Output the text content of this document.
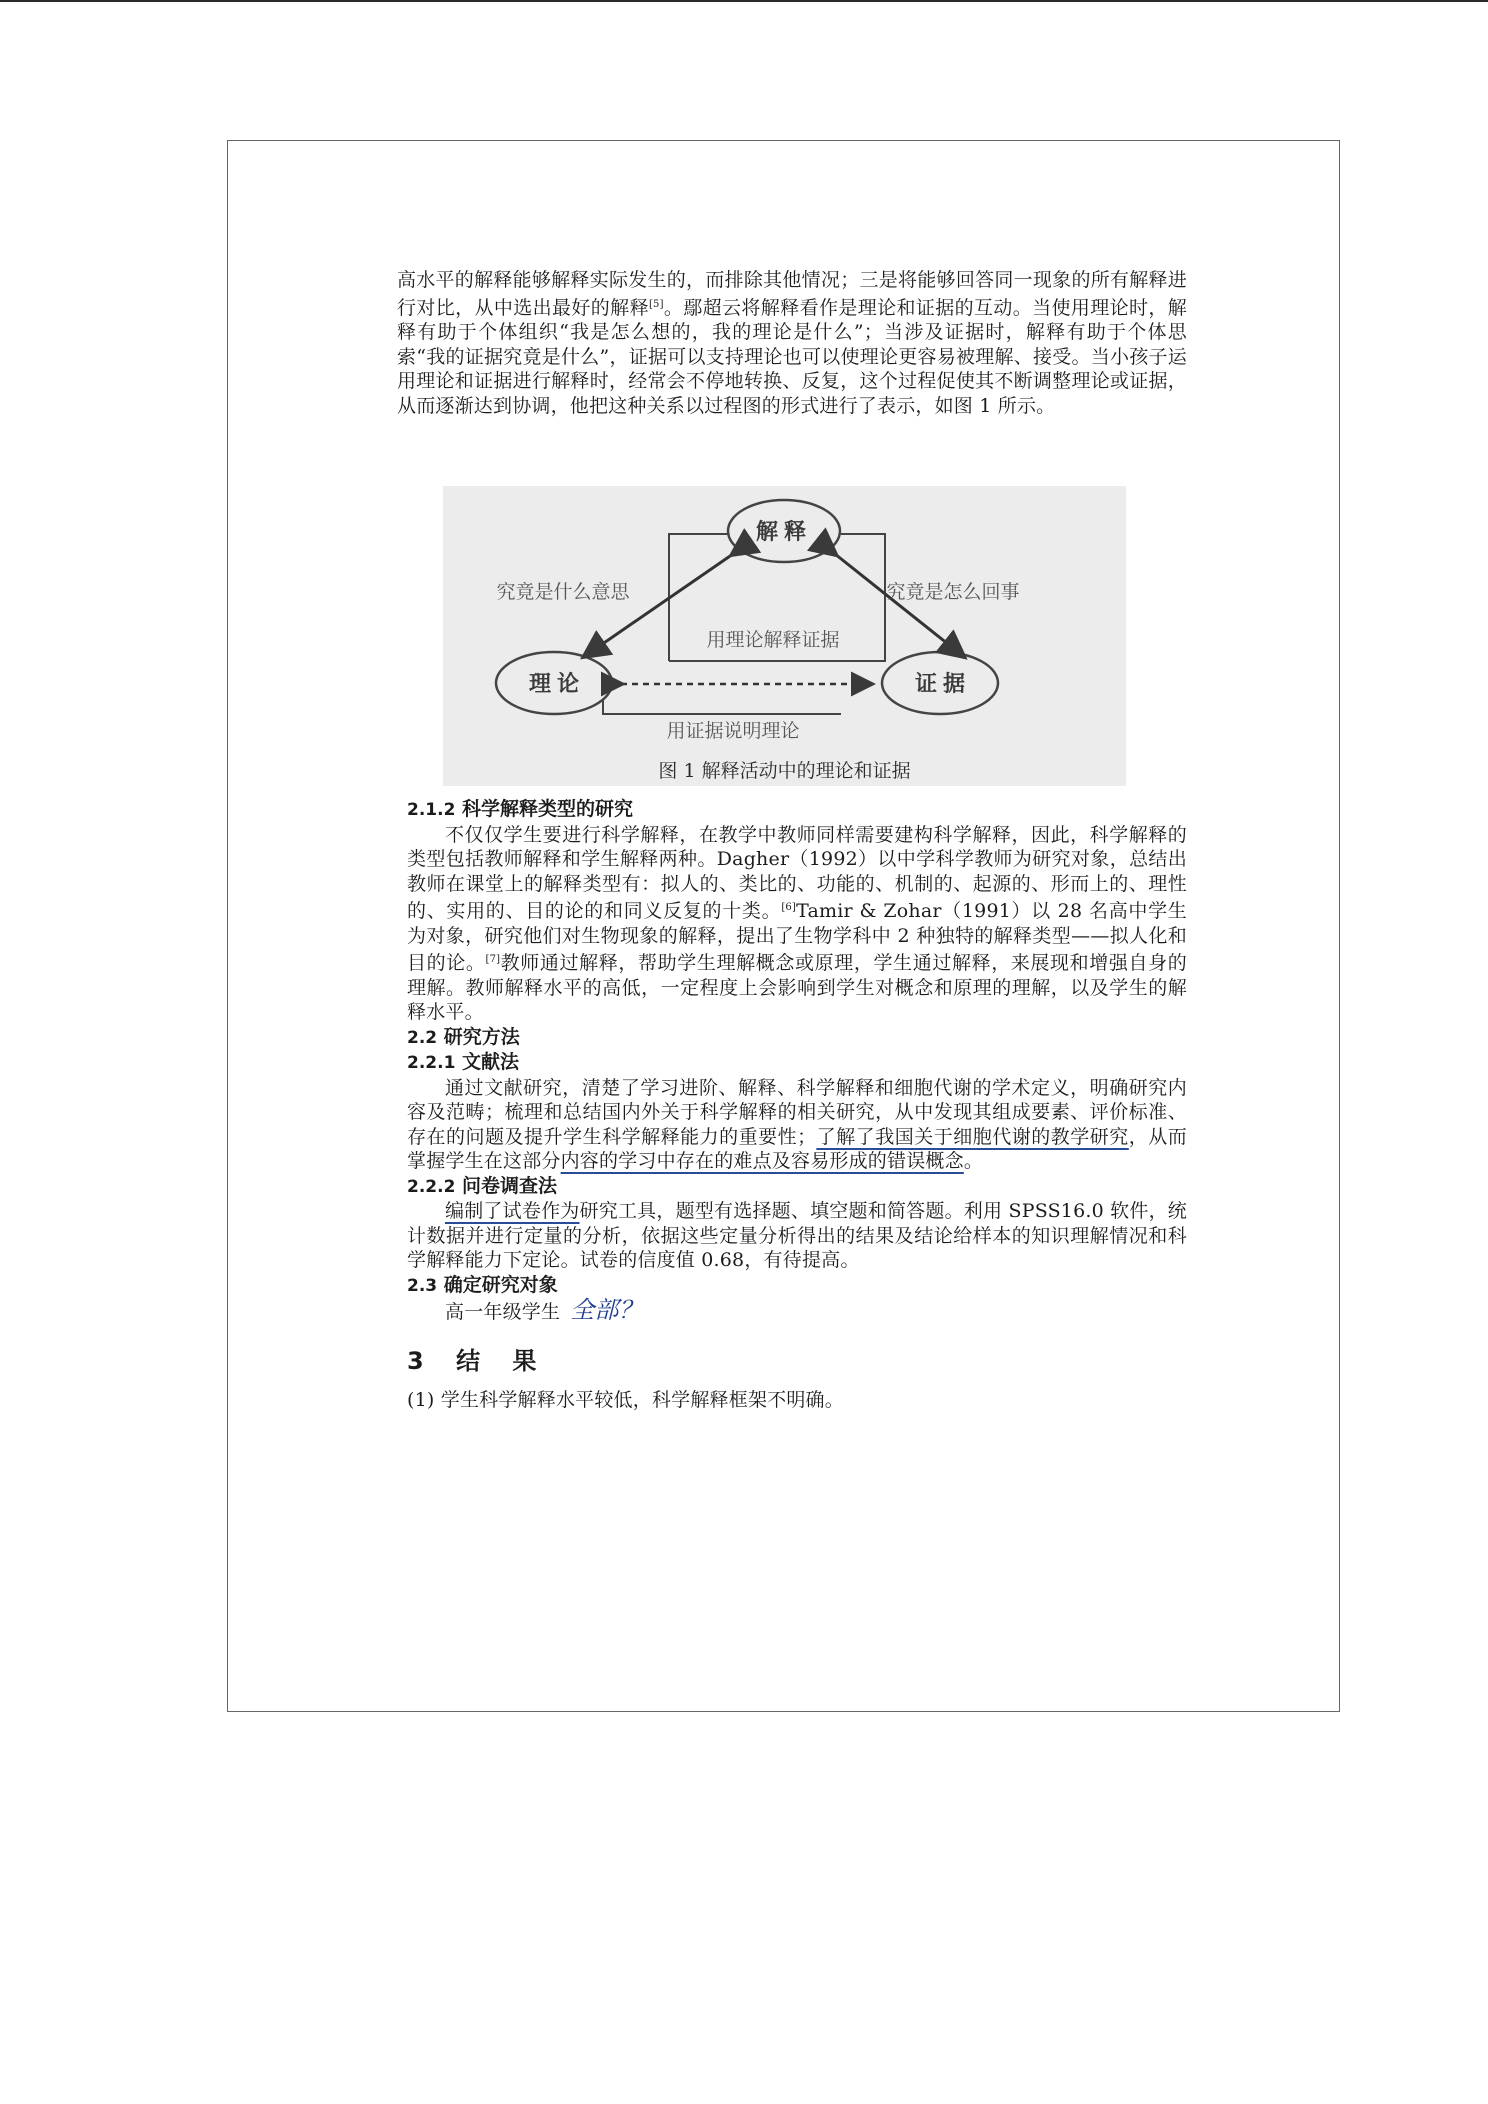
高水平的解释能够解释实际发生的，而排除其他情况；三是将能够回答同一现象的所有解释进行对比，从中选出最好的解释[5]。鄢超云将解释看作是理论和证据的互动。当使用理论时，解释有助于个体组织“我是怎么想的，我的理论是什么”；当涉及证据时，解释有助于个体思索“我的证据究竟是什么”，证据可以支持理论也可以使理论更容易被理解、接受。当小孩子运用理论和证据进行解释时，经常会不停地转换、反复，这个过程促使其不断调整理论或证据，从而逐渐达到协调，他把这种关系以过程图的形式进行了表示，如图 1 所示。

解释
理论	证据
究竟是什么意思	究竟是怎么回事
用理论解释证据
用证据说明理论
图 1 解释活动中的理论和证据

2.1.2 科学解释类型的研究

不仅仅学生要进行科学解释，在教学中教师同样需要建构科学解释，因此，科学解释的类型包括教师解释和学生解释两种。Dagher（1992）以中学科学教师为研究对象，总结出教师在课堂上的解释类型有：拟人的、类比的、功能的、机制的、起源的、形而上的、理性的、实用的、目的论的和同义反复的十类。[6]Tamir & Zohar（1991）以 28 名高中学生为对象，研究他们对生物现象的解释，提出了生物学科中 2 种独特的解释类型——拟人化和目的论。[7]教师通过解释，帮助学生理解概念或原理，学生通过解释，来展现和增强自身的理解。教师解释水平的高低，一定程度上会影响到学生对概念和原理的理解，以及学生的解释水平。

2.2 研究方法

2.2.1 文献法

通过文献研究，清楚了学习进阶、解释、科学解释和细胞代谢的学术定义，明确研究内容及范畴；梳理和总结国内外关于科学解释的相关研究，从中发现其组成要素、评价标准、存在的问题及提升学生科学解释能力的重要性；了解了我国关于细胞代谢的教学研究，从而掌握学生在这部分内容的学习中存在的难点及容易形成的错误概念。

2.2.2 问卷调查法

编制了试卷作为研究工具，题型有选择题、填空题和简答题。利用 SPSS16.0 软件，统计数据并进行定量的分析，依据这些定量分析得出的结果及结论给样本的知识理解情况和科学解释能力下定论。试卷的信度值 0.68，有待提高。

2.3 确定研究对象

高一年级学生 全部？

3 结 果

(1) 学生科学解释水平较低，科学解释框架不明确。
